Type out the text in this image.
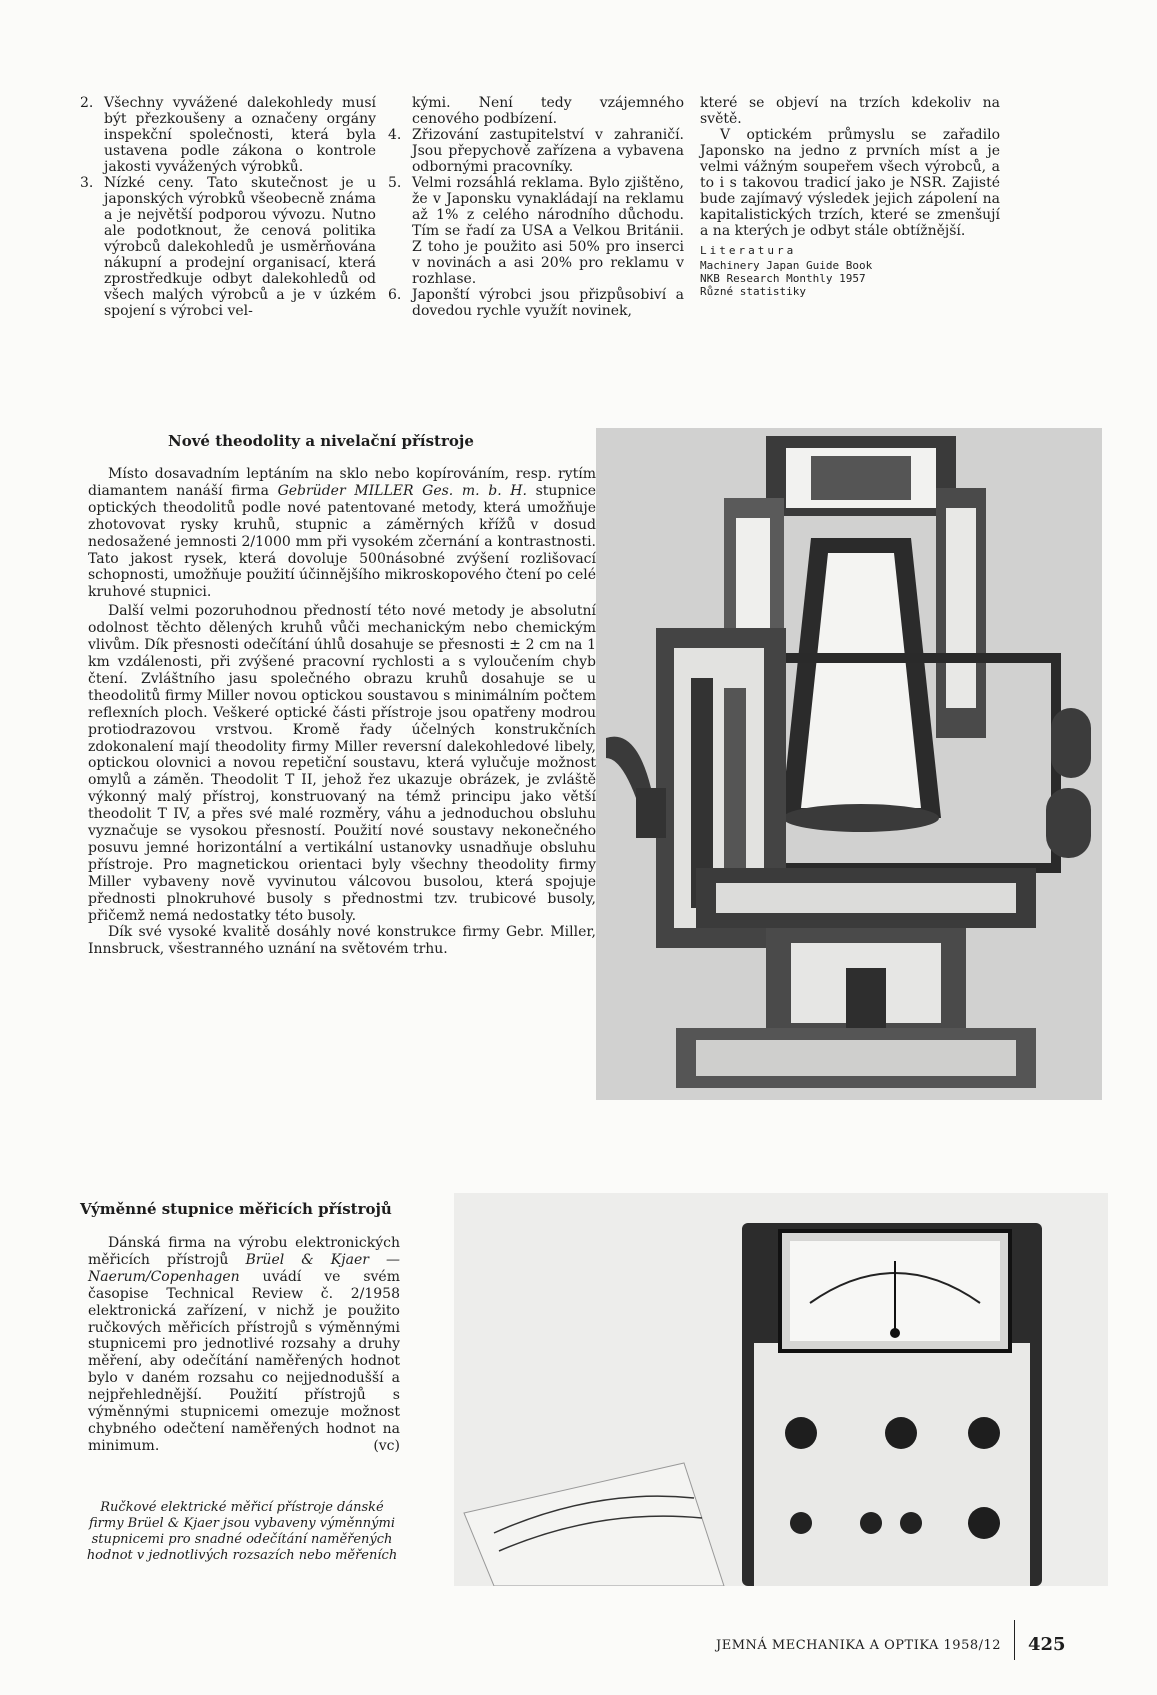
2. Všechny vyvážené dalekohledy musí být přezkoušeny a označeny orgány inspekční společnosti, která byla ustavena podle zákona o kontrole jakosti vyvážených výrobků.
3. Nízké ceny. Tato skutečnost je u japonských výrobků všeobecně známa a je největší podporou vývozu. Nutno ale podotknout, že cenová politika výrobců dalekohledů je usměrňována nákupní a prodejní organisací, která zprostředkuje odbyt dalekohledů od všech malých výrobců a je v úzkém spojení s výrobci vel-
kými. Není tedy vzájemného cenového podbízení.
4. Zřizování zastupitelství v zahraničí. Jsou přepychově zařízena a vybavena odbornými pracovníky.
5. Velmi rozsáhlá reklama. Bylo zjištěno, že v Japonsku vynakládají na reklamu až 1% z celého národního důchodu. Tím se řadí za USA a Velkou Británii. Z toho je použito asi 50% pro inserci v novinách a asi 20% pro reklamu v rozhlase.
6. Japonští výrobci jsou přizpůsobiví a dovedou rychle využít novinek,

které se objeví na trzích kdekoliv na světě.

V optickém průmyslu se zařadilo Japonsko na jedno z prvních míst a je velmi vážným soupeřem všech výrobců, a to i s takovou tradicí jako je NSR. Zajisté bude zajímavý výsledek jejich zápolení na kapitalistických trzích, které se zmenšují a na kterých je odbyt stále obtížnější.

Literatura
Machinery Japan Guide Book
NKB Research Monthly 1957
Různé statistiky
Nové theodolity a nivelační přístroje

Místo dosavadním leptáním na sklo nebo kopírováním, resp. rytím diamantem nanáší firma Gebrüder MILLER Ges. m. b. H. stupnice optických theodolitů podle nové patentované metody, která umožňuje zhotovovat rysky kruhů, stupnic a záměrných křížů v dosud nedosažené jemnosti 2/1000 mm při vysokém zčernání a kontrastnosti. Tato jakost rysek, která dovoluje 500násobné zvýšení rozlišovací schopnosti, umožňuje použití účinnějšího mikroskopového čtení po celé kruhové stupnici.

Další velmi pozoruhodnou předností této nové metody je absolutní odolnost těchto dělených kruhů vůči mechanickým nebo chemickým vlivům. Dík přesnosti odečítání úhlů dosahuje se přesnosti ± 2 cm na 1 km vzdálenosti, při zvýšené pracovní rychlosti a s vyloučením chyb čtení. Zvláštního jasu společného obrazu kruhů dosahuje se u theodolitů firmy Miller novou optickou soustavou s minimálním počtem reflexních ploch. Veškeré optické části přístroje jsou opatřeny modrou protiodrazovou vrstvou. Kromě řady účelných konstrukčních zdokonalení mají theodolity firmy Miller reversní dalekohledové libely, optickou olovnici a novou repetiční soustavu, která vylučuje možnost omylů a záměn. Theodolit T II, jehož řez ukazuje obrázek, je zvláště výkonný malý přístroj, konstruovaný na témž principu jako větší theodolit T IV, a přes své malé rozměry, váhu a jednoduchou obsluhu vyznačuje se vysokou přesností. Použití nové soustavy nekonečného posuvu jemné horizontální a vertikální ustanovky usnadňuje obsluhu přístroje. Pro magnetickou orientaci byly všechny theodolity firmy Miller vybaveny nově vyvinutou válcovou busolou, která spojuje přednosti plnokruhové busoly s přednostmi tzv. trubicové busoly, přičemž nemá nedostatky této busoly.

Dík své vysoké kvalitě dosáhly nové konstrukce firmy Gebr. Miller, Innsbruck, všestranného uznání na světovém trhu.

Výměnné stupnice měřicích přístrojů

Dánská firma na výrobu elektronických měřicích přístrojů Brüel & Kjaer — Naerum/Copenhagen uvádí ve svém časopise Technical Review č. 2/1958 elektronická zařízení, v nichž je použito ručkových měřicích přístrojů s výměnnými stupnicemi pro jednotlivé rozsahy a druhy měření, aby odečítání naměřených hodnot bylo v daném rozsahu co nejjednodušší a nejpřehlednější. Použití přístrojů s výměnnými stupnicemi omezuje možnost chybného odečtení naměřených hodnot na minimum.	(vc)

Ručkové elektrické měřicí přístroje dánské firmy Brüel & Kjaer jsou vybaveny výměnnými stupnicemi pro snadné odečítání naměřených hodnot v jednotlivých rozsazích nebo měřeních

JEMNÁ MECHANIKA A OPTIKA 1958/12 425
